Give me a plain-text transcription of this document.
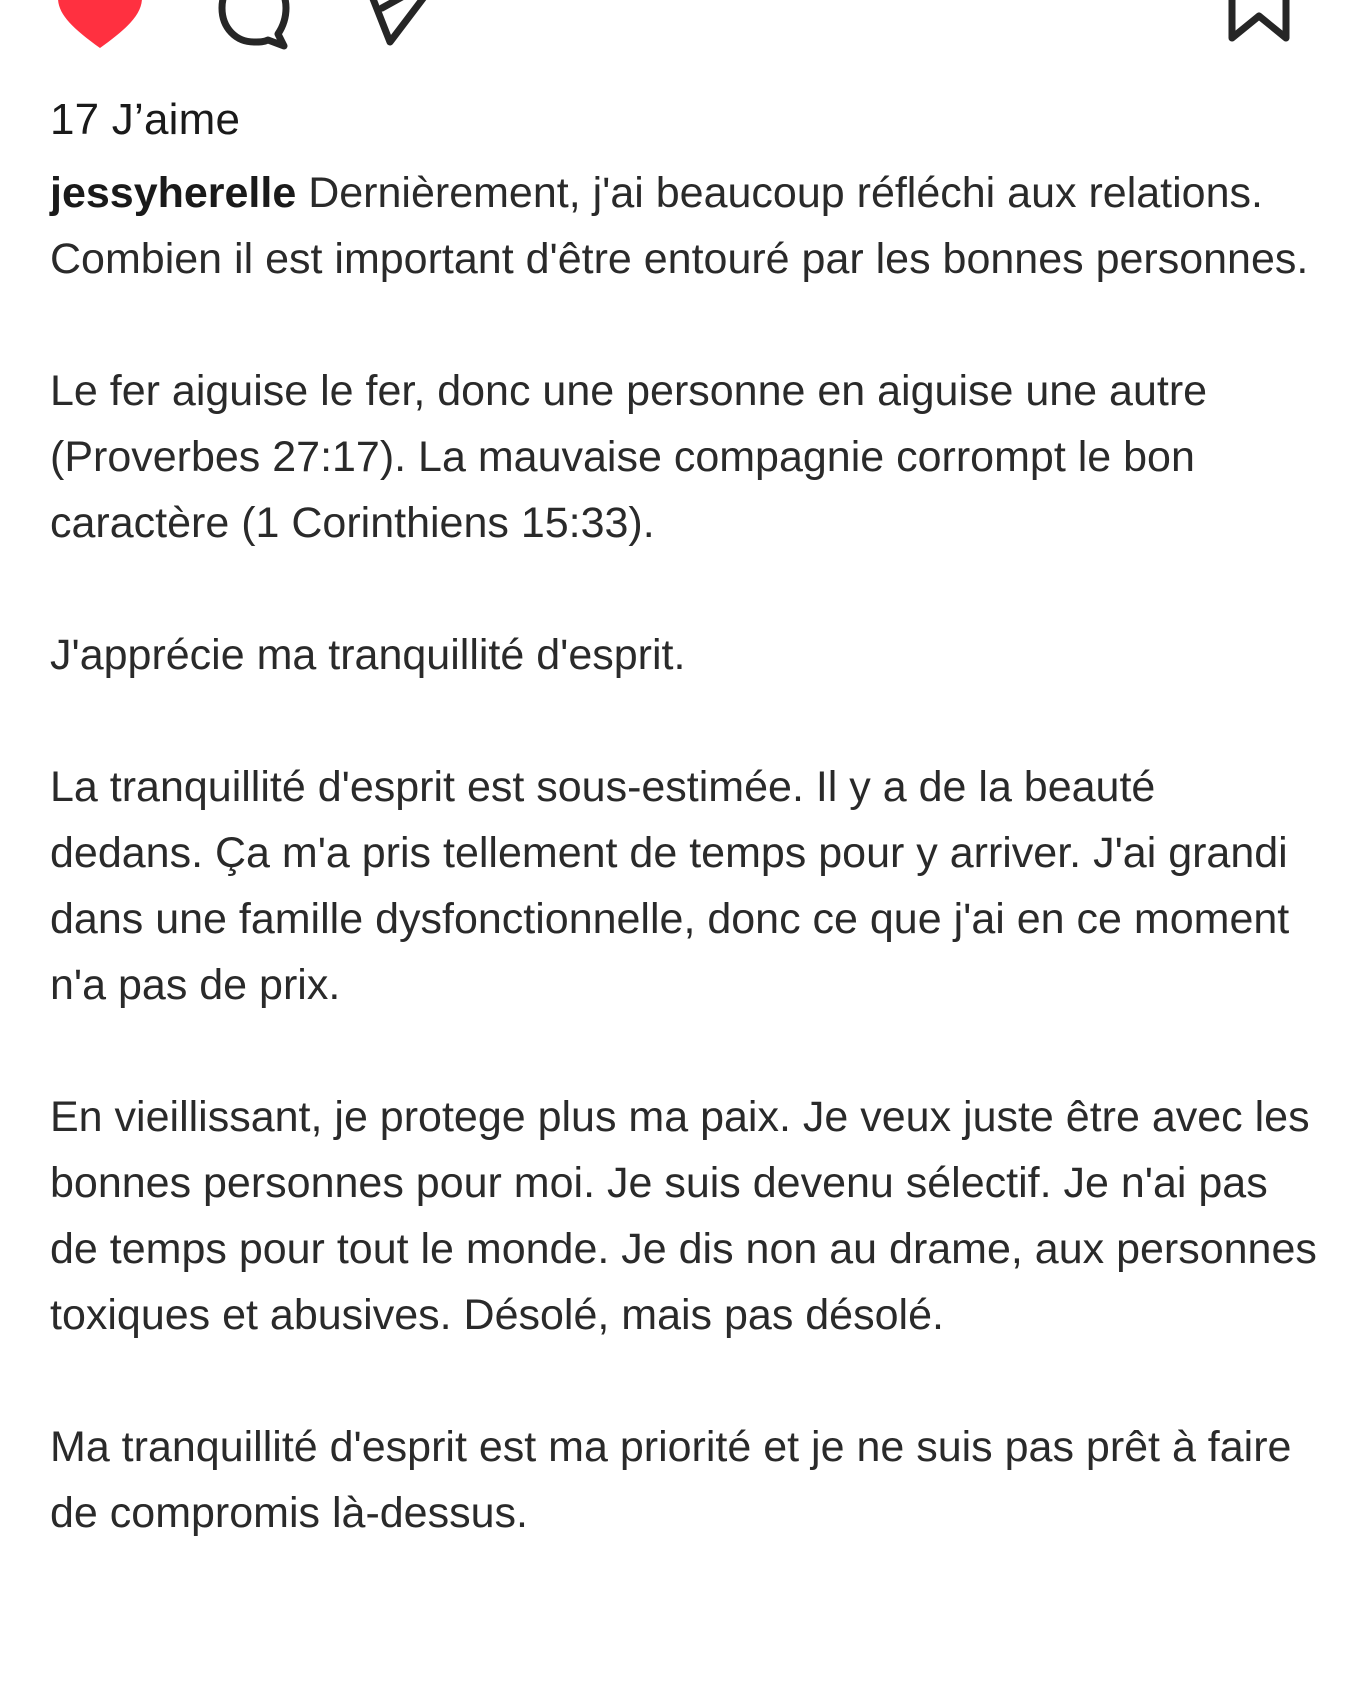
17 J’aime

jessyherelle Dernièrement, j'ai beaucoup réfléchi aux relations. Combien il est important d'être entouré par les bonnes personnes.

Le fer aiguise le fer, donc une personne en aiguise une autre (Proverbes 27:17). La mauvaise compagnie corrompt le bon caractère (1 Corinthiens 15:33).

J'apprécie ma tranquillité d'esprit.

La tranquillité d'esprit est sous-estimée. Il y a de la beauté dedans. Ça m'a pris tellement de temps pour y arriver. J'ai grandi dans une famille dysfonctionnelle, donc ce que j'ai en ce moment n'a pas de prix.

En vieillissant, je protege plus ma paix. Je veux juste être avec les bonnes personnes pour moi. Je suis devenu sélectif. Je n'ai pas de temps pour tout le monde. Je dis non au drame, aux personnes toxiques et abusives. Désolé, mais pas désolé.

Ma tranquillité d'esprit est ma priorité et je ne suis pas prêt à faire de compromis là-dessus.
